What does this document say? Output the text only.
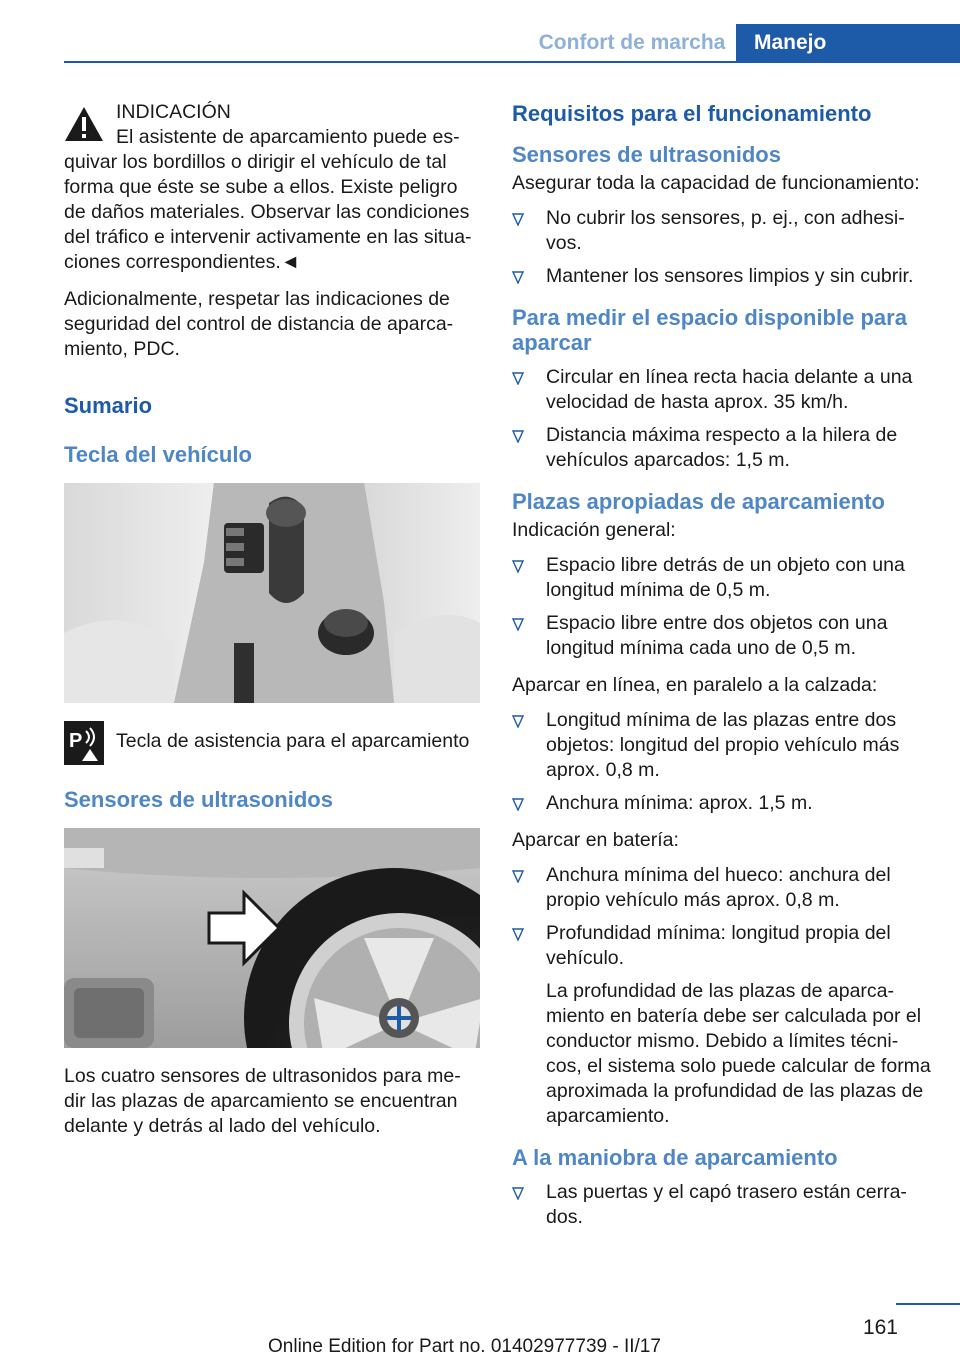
Confort de marcha	Manejo
INDICACIÓN
El asistente de aparcamiento puede es-
quivar los bordillos o dirigir el vehículo de tal forma que éste se sube a ellos. Existe peligro de daños materiales. Observar las condiciones del tráfico e intervenir activamente en las situa-ciones correspondientes.◄

Adicionalmente, respetar las indicaciones de seguridad del control de distancia de aparca-miento, PDC.

Sumario
Tecla del vehículo
P Tecla de asistencia para el aparcamiento
Sensores de ultrasonidos

Los cuatro sensores de ultrasonidos para me-dir las plazas de aparcamiento se encuentran delante y detrás al lado del vehículo.

Requisitos para el funcionamiento
Sensores de ultrasonidos

Asegurar toda la capacidad de funcionamiento:

No cubrir los sensores, p. ej., con adhesi-vos.
Mantener los sensores limpios y sin cubrir.
Para medir el espacio disponible para aparcar
Circular en línea recta hacia delante a una velocidad de hasta aprox. 35 km/h.
Distancia máxima respecto a la hilera de vehículos aparcados: 1,5 m.
Plazas apropiadas de aparcamiento

Indicación general:

Espacio libre detrás de un objeto con una longitud mínima de 0,5 m.
Espacio libre entre dos objetos con una longitud mínima cada uno de 0,5 m.

Aparcar en línea, en paralelo a la calzada:

Longitud mínima de las plazas entre dos objetos: longitud del propio vehículo más aprox. 0,8 m.
Anchura mínima: aprox. 1,5 m.

Aparcar en batería:

Anchura mínima del hueco: anchura del propio vehículo más aprox. 0,8 m.
Profundidad mínima: longitud propia del vehículo.
La profundidad de las plazas de aparca-miento en batería debe ser calculada por el conductor mismo. Debido a límites técni-cos, el sistema solo puede calcular de forma aproximada la profundidad de las plazas de aparcamiento.
A la maniobra de aparcamiento
Las puertas y el capó trasero están cerra-dos.
161
Online Edition for Part no. 01402977739 - II/17
